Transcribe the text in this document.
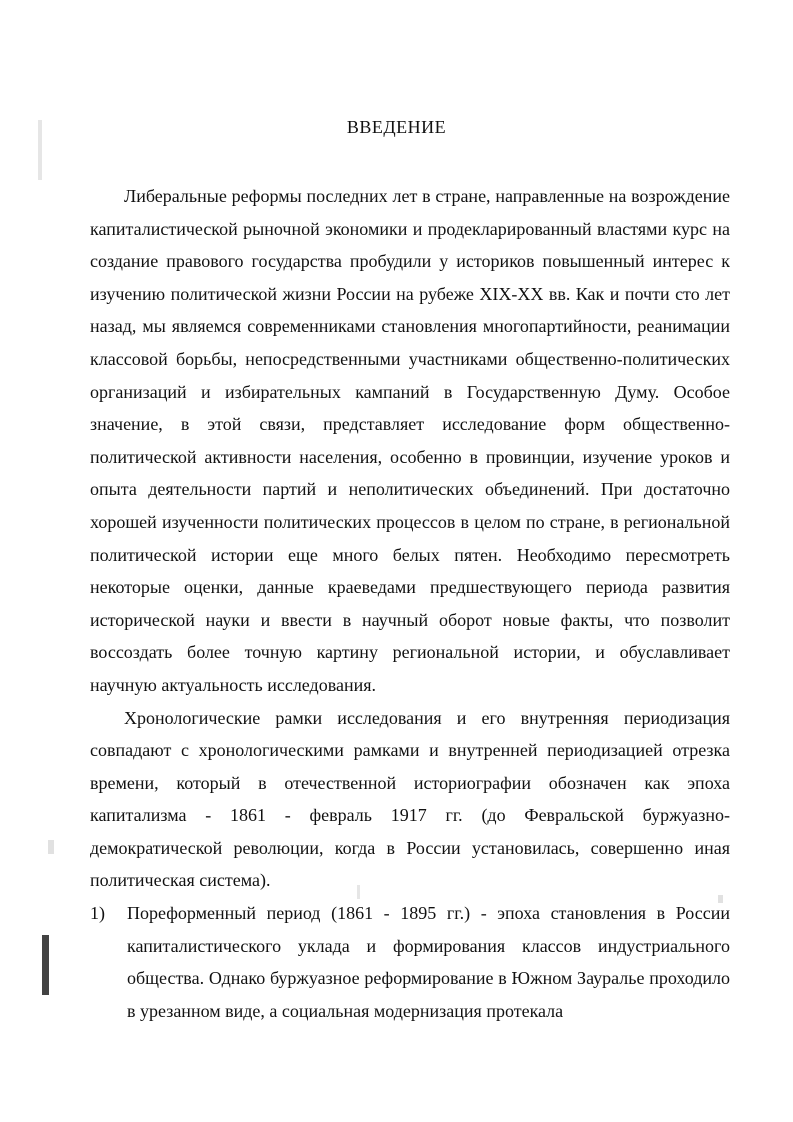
ВВЕДЕНИЕ

Либеральные реформы последних лет в стране, направленные на возрождение капиталистической рыночной экономики и продекларированный властями курс на создание правового государства пробудили у историков повышенный интерес к изучению политической жизни России на рубеже XIX-XX вв. Как и почти сто лет назад, мы являемся современниками становления многопартийности, реанимации классовой борьбы, непосредственными участниками общественно-политических организаций и избирательных кампаний в Государственную Думу. Особое значение, в этой связи, представляет исследование форм общественно-политической активности населения, особенно в провинции, изучение уроков и опыта деятельности партий и неполитических объединений. При достаточно хорошей изученности политических процессов в целом по стране, в региональной политической истории еще много белых пятен. Необходимо пересмотреть некоторые оценки, данные краеведами предшествующего периода развития исторической науки и ввести в научный оборот новые факты, что позволит воссоздать более точную картину региональной истории, и обуславливает научную актуальность исследования.

Хронологические рамки исследования и его внутренняя периодизация совпадают с хронологическими рамками и внутренней периодизацией отрезка времени, который в отечественной историографии обозначен как эпоха капитализма - 1861 - февраль 1917 гг. (до Февральской буржуазно-демократической революции, когда в России установилась, совершенно иная политическая система).

1) Пореформенный период (1861 - 1895 гг.) - эпоха становления в России капиталистического уклада и формирования классов индустриального общества. Однако буржуазное реформирование в Южном Зауралье проходило в урезанном виде, а социальная модернизация протекала
